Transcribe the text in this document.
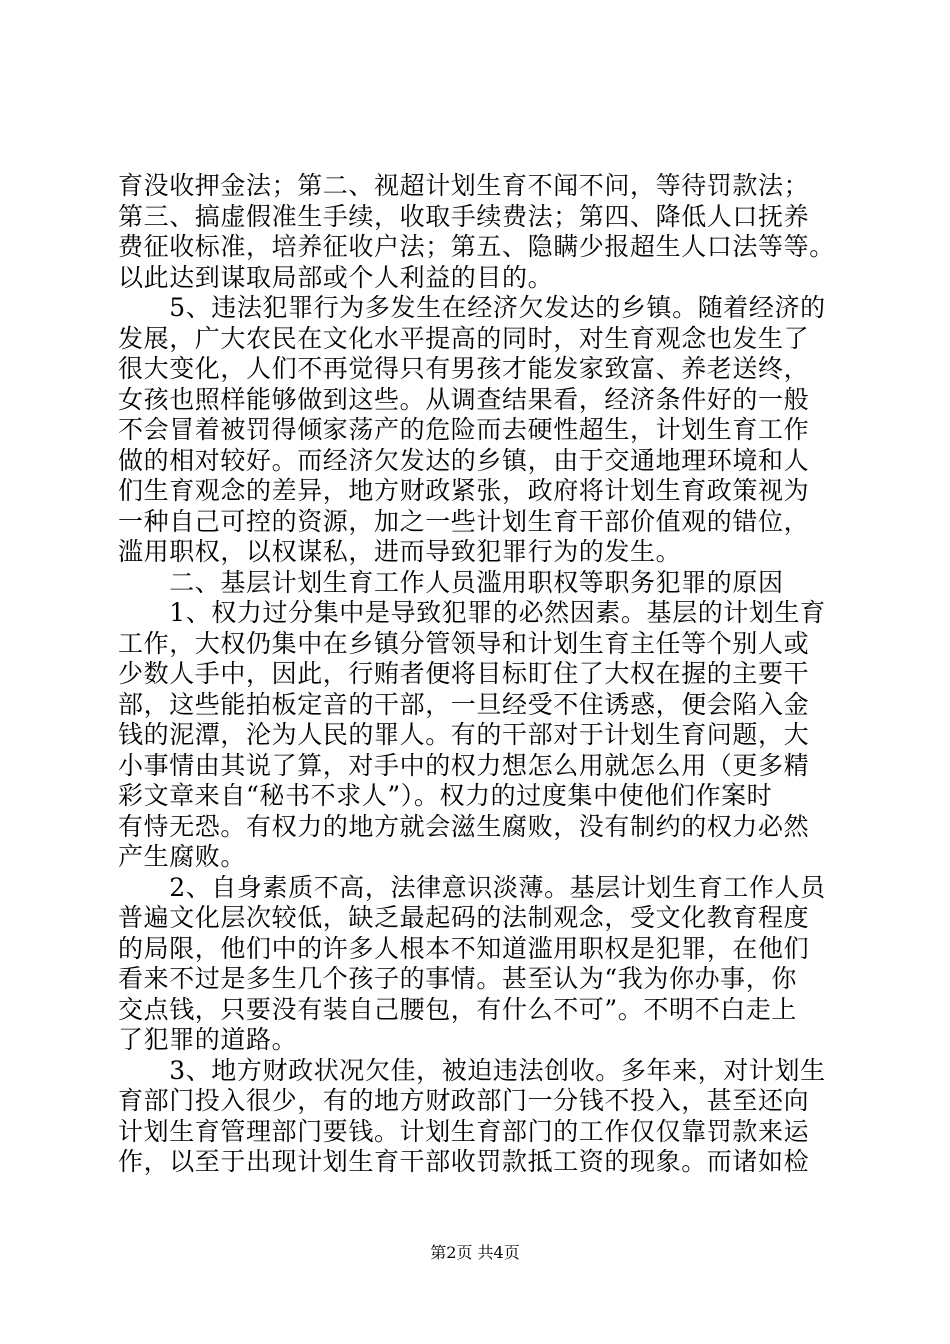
育没收押金法；第二、视超计划生育不闻不问，等待罚款法；
第三、搞虚假准生手续，收取手续费法；第四、降低人口抚养
费征收标准，培养征收户法；第五、隐瞒少报超生人口法等等。
以此达到谋取局部或个人利益的目的。
　　5、违法犯罪行为多发生在经济欠发达的乡镇。随着经济的
发展，广大农民在文化水平提高的同时，对生育观念也发生了
很大变化，人们不再觉得只有男孩才能发家致富、养老送终，
女孩也照样能够做到这些。从调查结果看，经济条件好的一般
不会冒着被罚得倾家荡产的危险而去硬性超生，计划生育工作
做的相对较好。而经济欠发达的乡镇，由于交通地理环境和人
们生育观念的差异，地方财政紧张，政府将计划生育政策视为
一种自己可控的资源，加之一些计划生育干部价值观的错位，
滥用职权，以权谋私，进而导致犯罪行为的发生。
　　二、基层计划生育工作人员滥用职权等职务犯罪的原因
　　1、权力过分集中是导致犯罪的必然因素。基层的计划生育
工作，大权仍集中在乡镇分管领导和计划生育主任等个别人或
少数人手中，因此，行贿者便将目标盯住了大权在握的主要干
部，这些能拍板定音的干部，一旦经受不住诱惑，便会陷入金
钱的泥潭，沦为人民的罪人。有的干部对于计划生育问题，大
小事情由其说了算，对手中的权力想怎么用就怎么用（更多精
彩文章来自“秘书不求人”）。权力的过度集中使他们作案时
有恃无恐。有权力的地方就会滋生腐败，没有制约的权力必然
产生腐败。
　　2、自身素质不高，法律意识淡薄。基层计划生育工作人员
普遍文化层次较低，缺乏最起码的法制观念，受文化教育程度
的局限，他们中的许多人根本不知道滥用职权是犯罪，在他们
看来不过是多生几个孩子的事情。甚至认为“我为你办事，你
交点钱，只要没有装自己腰包，有什么不可”。不明不白走上
了犯罪的道路。
　　3、地方财政状况欠佳，被迫违法创收。多年来，对计划生
育部门投入很少，有的地方财政部门一分钱不投入，甚至还向
计划生育管理部门要钱。计划生育部门的工作仅仅靠罚款来运
作，以至于出现计划生育干部收罚款抵工资的现象。而诸如检
第2页 共4页
